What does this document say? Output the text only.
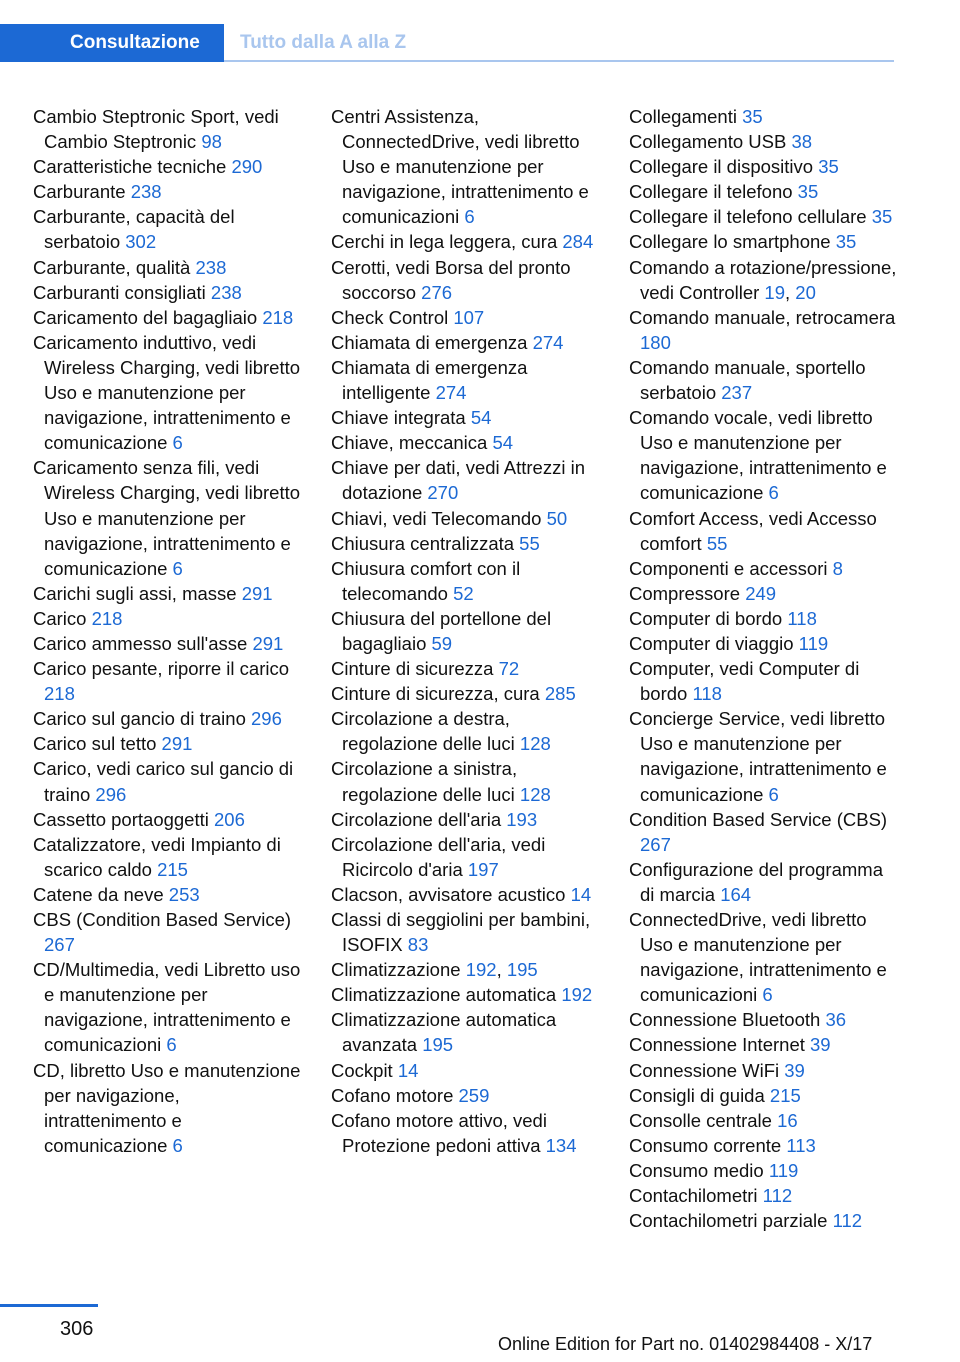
Consultazione	Tutto dalla A alla Z
Cambio Steptronic Sport, vedi Cambio Steptronic 98
Caratteristiche tecniche 290
Carburante 238
Carburante, capacità del serbatoio 302
Carburante, qualità 238
Carburanti consigliati 238
Caricamento del bagagliaio 218
Caricamento induttivo, vedi Wireless Charging, vedi libretto Uso e manutenzione per navigazione, intrattenimento e comunicazione 6
Caricamento senza fili, vedi Wireless Charging, vedi libretto Uso e manutenzione per navigazione, intrattenimento e comunicazione 6
Carichi sugli assi, masse 291
Carico 218
Carico ammesso sull'asse 291
Carico pesante, riporre il carico 218
Carico sul gancio di traino 296
Carico sul tetto 291
Carico, vedi carico sul gancio di traino 296
Cassetto portaoggetti 206
Catalizzatore, vedi Impianto di scarico caldo 215
Catene da neve 253
CBS (Condition Based Service) 267
CD/Multimedia, vedi Libretto uso e manutenzione per navigazione, intrattenimento e comunicazioni 6
CD, libretto Uso e manutenzione per navigazione, intrattenimento e comunicazione 6
Centri Assistenza, ConnectedDrive, vedi libretto Uso e manutenzione per navigazione, intrattenimento e comunicazioni 6
Cerchi in lega leggera, cura 284
Cerotti, vedi Borsa del pronto soccorso 276
Check Control 107
Chiamata di emergenza 274
Chiamata di emergenza intelligente 274
Chiave integrata 54
Chiave, meccanica 54
Chiave per dati, vedi Attrezzi in dotazione 270
Chiavi, vedi Telecomando 50
Chiusura centralizzata 55
Chiusura comfort con il telecomando 52
Chiusura del portellone del bagagliaio 59
Cinture di sicurezza 72
Cinture di sicurezza, cura 285
Circolazione a destra, regolazione delle luci 128
Circolazione a sinistra, regolazione delle luci 128
Circolazione dell'aria 193
Circolazione dell'aria, vedi Ricircolo d'aria 197
Clacson, avvisatore acustico 14
Classi di seggiolini per bambini, ISOFIX 83
Climatizzazione 192, 195
Climatizzazione automatica 192
Climatizzazione automatica avanzata 195
Cockpit 14
Cofano motore 259
Cofano motore attivo, vedi Protezione pedoni attiva 134
Collegamenti 35
Collegamento USB 38
Collegare il dispositivo 35
Collegare il telefono 35
Collegare il telefono cellulare 35
Collegare lo smartphone 35
Comando a rotazione/pressione, vedi Controller 19, 20
Comando manuale, retrocamera 180
Comando manuale, sportello serbatoio 237
Comando vocale, vedi libretto Uso e manutenzione per navigazione, intrattenimento e comunicazione 6
Comfort Access, vedi Accesso comfort 55
Componenti e accessori 8
Compressore 249
Computer di bordo 118
Computer di viaggio 119
Computer, vedi Computer di bordo 118
Concierge Service, vedi libretto Uso e manutenzione per navigazione, intrattenimento e comunicazione 6
Condition Based Service (CBS) 267
Configurazione del programma di marcia 164
ConnectedDrive, vedi libretto Uso e manutenzione per navigazione, intrattenimento e comunicazioni 6
Connessione Bluetooth 36
Connessione Internet 39
Connessione WiFi 39
Consigli di guida 215
Consolle centrale 16
Consumo corrente 113
Consumo medio 119
Contachilometri 112
Contachilometri parziale 112
306
Online Edition for Part no. 01402984408 - X/17
